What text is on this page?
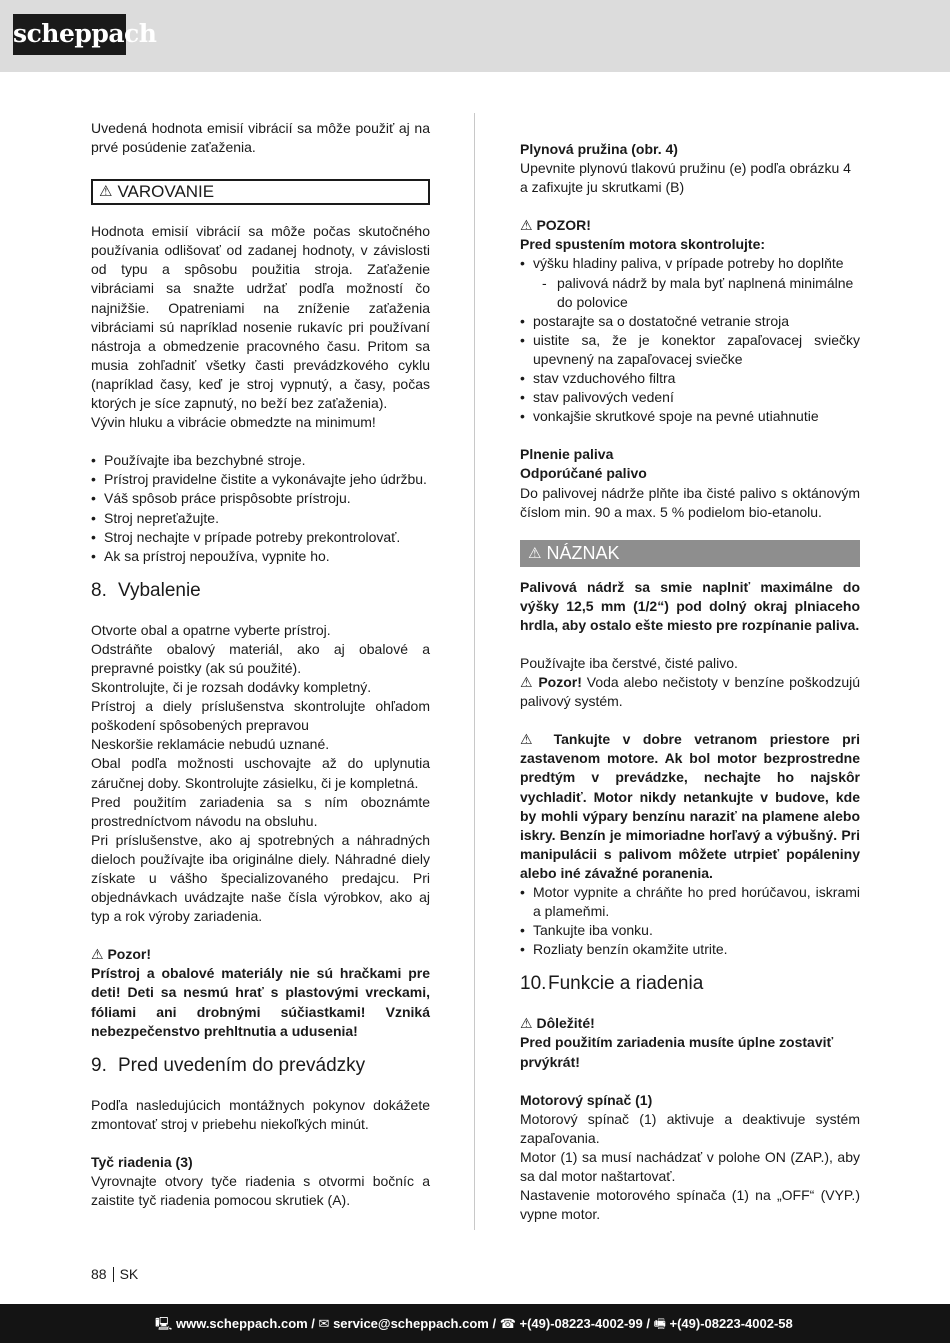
scheppach

Uvedená hodnota emisií vibrácií sa môže použiť aj na prvé posúdenie zaťaženia.

⚠ VAROVANIE

Hodnota emisií vibrácií sa môže počas skutočného používania odlišovať od zadanej hodnoty, v závislosti od typu a spôsobu použitia stroja. Zaťaženie vibráciami sa snažte udržať podľa možností čo najnižšie. Opatreniami na zníženie zaťaženia vibráciami sú napríklad nosenie rukavíc pri používaní nástroja a obmedzenie pracovného času. Pritom sa musia zohľadniť všetky časti prevádzkového cyklu (napríklad časy, keď je stroj vypnutý, a časy, počas ktorých je síce zapnutý, no beží bez zaťaženia).

Vývin hluku a vibrácie obmedzte na minimum!

• Používajte iba bezchybné stroje.
• Prístroj pravidelne čistite a vykonávajte jeho údržbu.
• Váš spôsob práce prispôsobte prístroju.
• Stroj nepreťažujte.
• Stroj nechajte v prípade potreby prekontrolovať.
• Ak sa prístroj nepoužíva, vypnite ho.
8. Vybalenie

Otvorte obal a opatrne vyberte prístroj.

Odstráňte obalový materiál, ako aj obalové a prepravné poistky (ak sú použité).

Skontrolujte, či je rozsah dodávky kompletný.

Prístroj a diely príslušenstva skontrolujte ohľadom poškodení spôsobených prepravou

Neskoršie reklamácie nebudú uznané.

Obal podľa možnosti uschovajte až do uplynutia záručnej doby. Skontrolujte zásielku, či je kompletná.

Pred použitím zariadenia sa s ním oboznámte prostredníctvom návodu na obsluhu.

Pri príslušenstve, ako aj spotrebných a náhradných dieloch používajte iba originálne diely. Náhradné diely získate u vášho špecializovaného predajcu. Pri objednávkach uvádzajte naše čísla výrobkov, ako aj typ a rok výroby zariadenia.

⚠ Pozor!

Prístroj a obalové materiály nie sú hračkami pre deti! Deti sa nesmú hrať s plastovými vreckami, fóliami ani drobnými súčiastkami! Vzniká nebezpečenstvo prehltnutia a udusenia!

9. Pred uvedením do prevádzky

Podľa nasledujúcich montážnych pokynov dokážete zmontovať stroj v priebehu niekoľkých minút.

Tyč riadenia (3)

Vyrovnajte otvory tyče riadenia s otvormi bočníc a zaistite tyč riadenia pomocou skrutiek (A).

Plynová pružina (obr. 4)

Upevnite plynovú tlakovú pružinu (e) podľa obrázku 4 a zafixujte ju skrutkami (B)

⚠ POZOR!

Pred spustením motora skontrolujte:

• výšku hladiny paliva, v prípade potreby ho doplňte
- palivová nádrž by mala byť naplnená minimálne do polovice
• postarajte sa o dostatočné vetranie stroja
• uistite sa, že je konektor zapaľovacej sviečky upevnený na zapaľovacej sviečke
• stav vzduchového filtra
• stav palivových vedení
• vonkajšie skrutkové spoje na pevné utiahnutie

Plnenie paliva

Odporúčané palivo

Do palivovej nádrže plňte iba čisté palivo s oktánovým číslom min. 90 a max. 5 % podielom bio-etanolu.

⚠ NÁZNAK

Palivová nádrž sa smie naplniť maximálne do výšky 12,5 mm (1/2“) pod dolný okraj plniaceho hrdla, aby ostalo ešte miesto pre rozpínanie paliva.

Používajte iba čerstvé, čisté palivo.

⚠ Pozor! Voda alebo nečistoty v benzíne poškodzujú palivový systém.

⚠ Tankujte v dobre vetranom priestore pri zastavenom motore. Ak bol motor bezprostredne predtým v prevádzke, nechajte ho najskôr vychladiť. Motor nikdy netankujte v budove, kde by mohli výpary benzínu naraziť na plamene alebo iskry. Benzín je mimoriadne horľavý a výbušný. Pri manipulácii s palivom môžete utrpieť popáleniny alebo iné závažné poranenia.

• Motor vypnite a chráňte ho pred horúčavou, iskrami a plameňmi.
• Tankujte iba vonku.
• Rozliaty benzín okamžite utrite.
10. Funkcie a riadenia

⚠ Dôležité!

Pred použitím zariadenia musíte úplne zostaviť prvýkrát!

Motorový spínač (1)

Motorový spínač (1) aktivuje a deaktivuje systém zapaľovania.

Motor (1) sa musí nachádzať v polohe ON (ZAP.), aby sa dal motor naštartovať.

Nastavenie motorového spínača (1) na „OFF“ (VYP.) vypne motor.

88 SK
🖳 www.scheppach.com / ✉ service@scheppach.com / ☎ +(49)-08223-4002-99 / 🖷 +(49)-08223-4002-58
